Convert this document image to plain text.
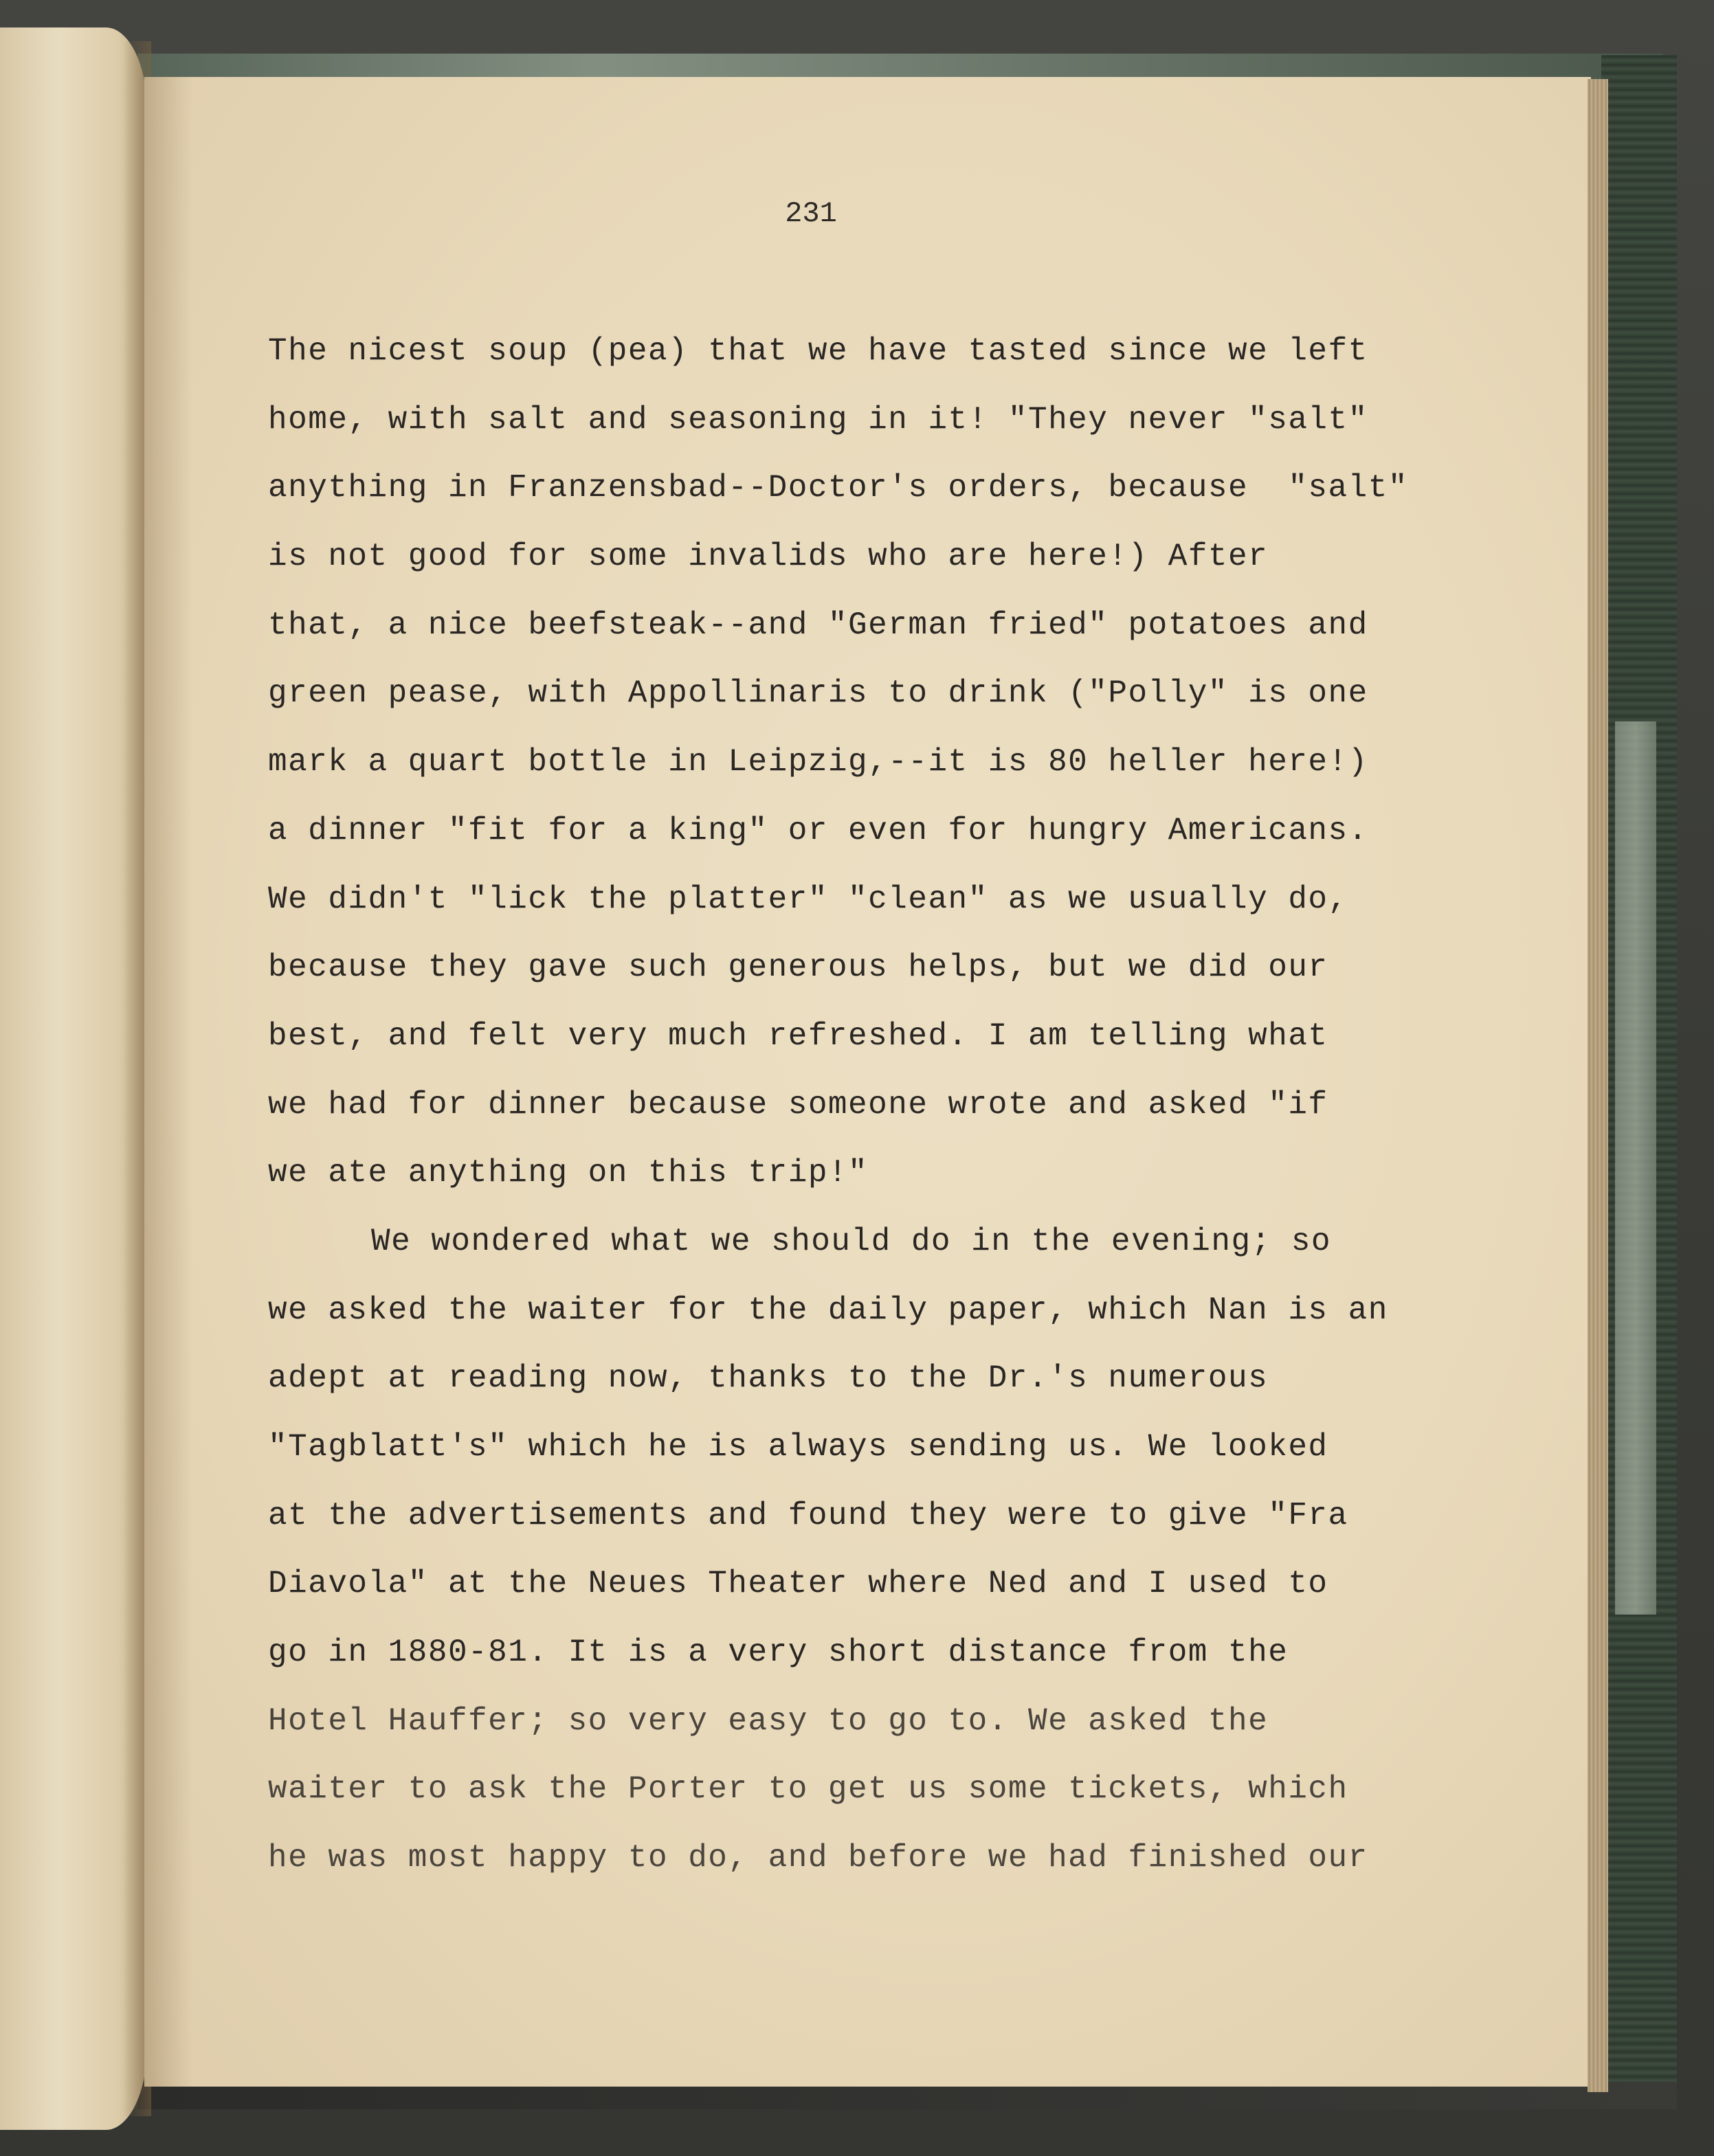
231
The nicest soup (pea) that we have tasted since we left
home, with salt and seasoning in it! "They never "salt"
anything in Franzensbad--Doctor's orders, because  "salt"
is not good for some invalids who are here!) After
that, a nice beefsteak--and "German fried" potatoes and
green pease, with Appollinaris to drink ("Polly" is one
mark a quart bottle in Leipzig,--it is 80 heller here!)
a dinner "fit for a king" or even for hungry Americans.
We didn't "lick the platter" "clean" as we usually do,
because they gave such generous helps, but we did our
best, and felt very much refreshed. I am telling what
we had for dinner because someone wrote and asked "if
we ate anything on this trip!"
We wondered what we should do in the evening; so
we asked the waiter for the daily paper, which Nan is an
adept at reading now, thanks to the Dr.'s numerous
"Tagblatt's" which he is always sending us. We looked
at the advertisements and found they were to give "Fra
Diavola" at the Neues Theater where Ned and I used to
go in 1880-81. It is a very short distance from the
Hotel Hauffer; so very easy to go to. We asked the
waiter to ask the Porter to get us some tickets, which
he was most happy to do, and before we had finished our
